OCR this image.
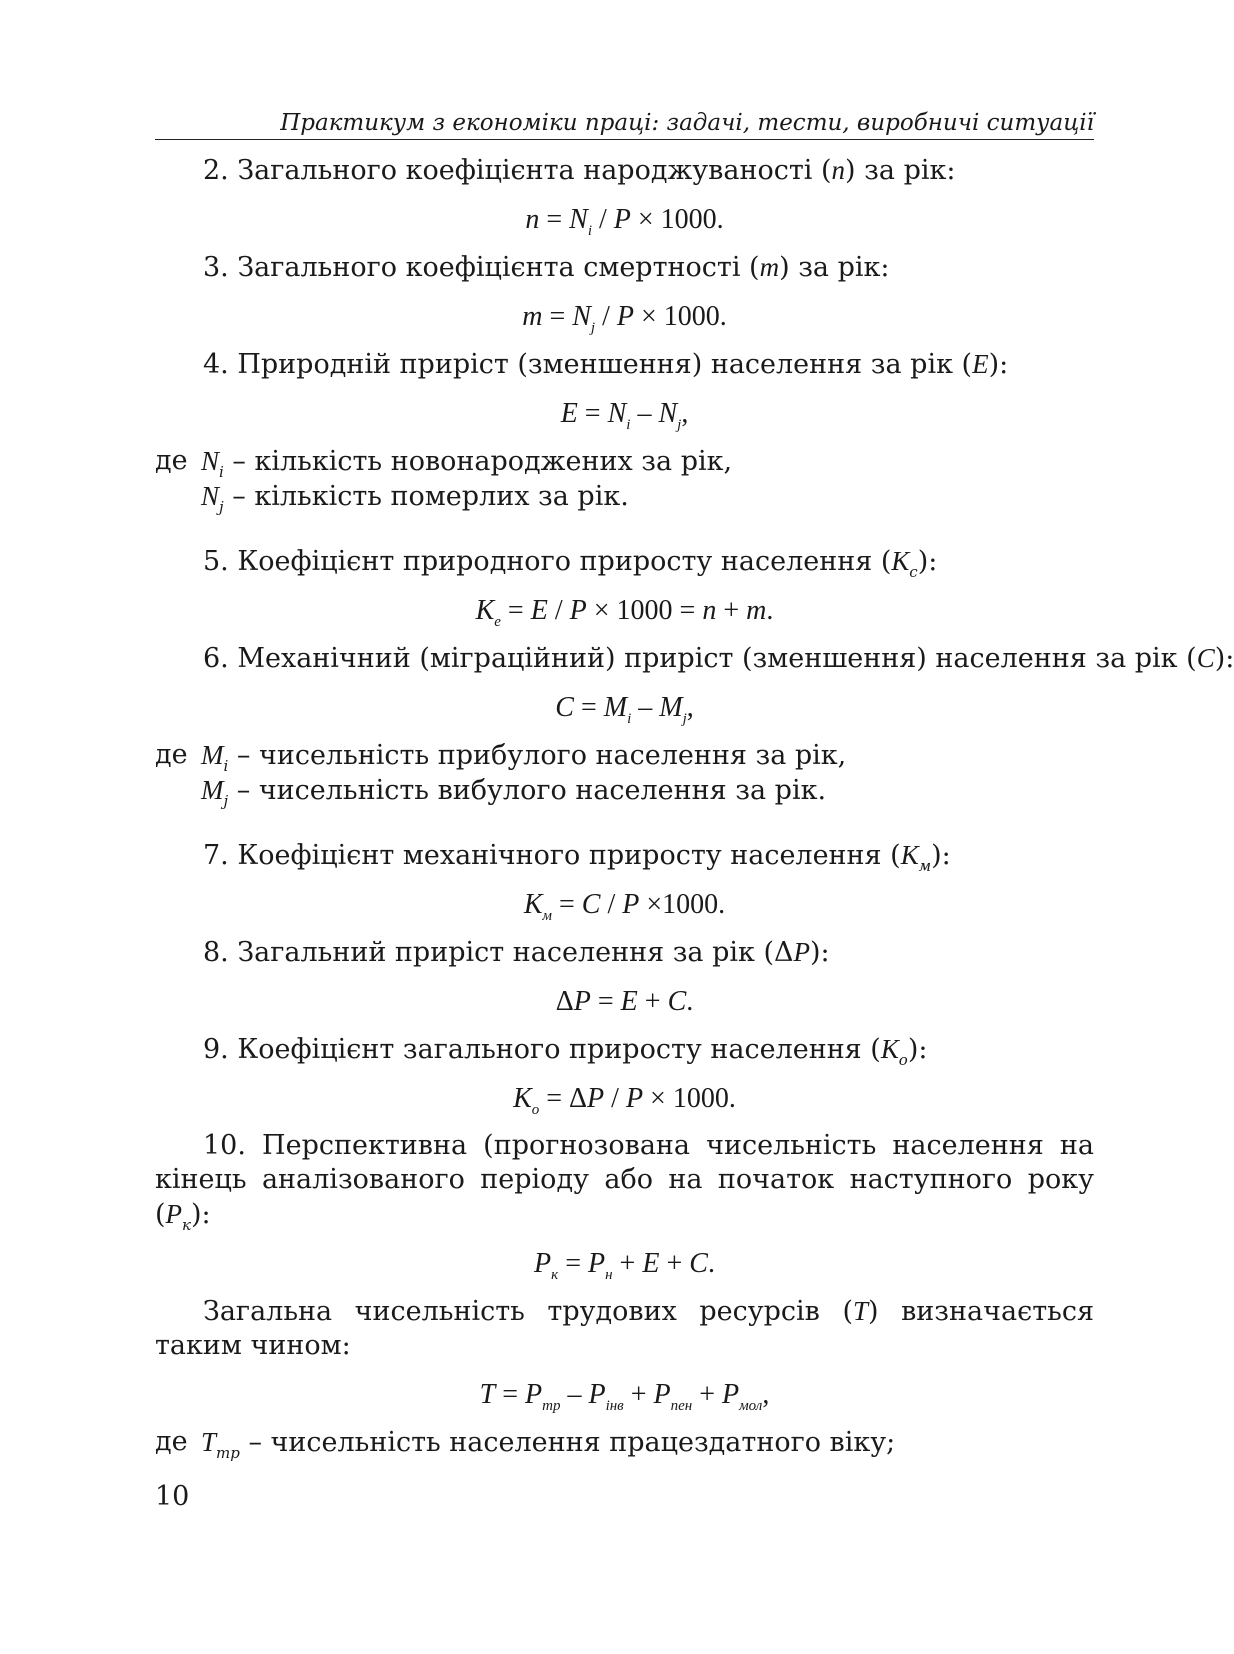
Практикум з економіки праці: задачі, тести, виробничі ситуації

2. Загального коефіцієнта народжуваності (n) за рік:

$n = N_i / P \times 1000$.

3. Загального коефіцієнта смертності (m) за рік:

$m = N_j / P \times 1000$.

4. Природній приріст (зменшення) населення за рік (E):

$E = N_i - N_j$,

де $N_i$ – кількість новонароджених за рік,

$N_j$ – кількість померлих за рік.

5. Коефіцієнт природного приросту населення $(К_c)$:

$К_e = E / P \times 1000 = n + m$.

6. Механічний (міграційний) приріст (зменшення) населення за рік (C):

$C = M_i - M_j$,

де $M_i$ – чисельність прибулого населення за рік,

$M_j$ – чисельність вибулого населення за рік.

7. Коефіцієнт механічного приросту населення $(К_м)$:

$К_м = C / P \times 1000$.

8. Загальний приріст населення за рік (ΔP):

ΔP = E + C.

9. Коефіцієнт загального приросту населення $(К_о)$:

$К_о = \Delta P / P \times 1000$.

10. Перспективна (прогнозована чисельність населення на кінець аналізованого періоду або на початок наступного року $(P_к)$:

$P_к = P_н + E + C$.

Загальна чисельність трудових ресурсів (T) визначається таким чином:

$T = P_{тр} - P_{інв} + P_{пен} + P_{мол}$,

де $T_{тр}$ – чисельність населення працездатного віку;

10
